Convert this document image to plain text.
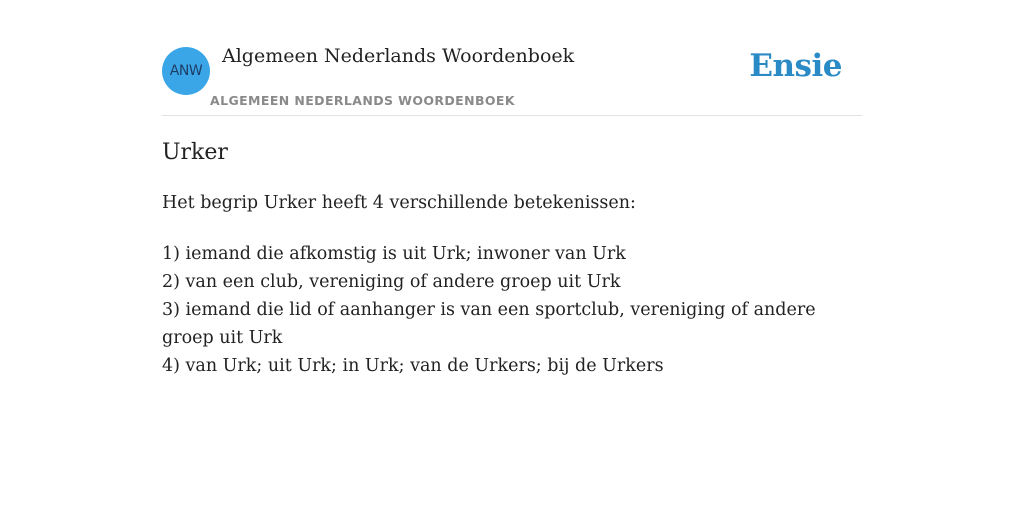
ANW
Algemeen Nederlands Woordenboek
ALGEMEEN NEDERLANDS WOORDENBOEK
Ensie
Urker

Het begrip Urker heeft 4 verschillende betekenissen:

1) iemand die afkomstig is uit Urk; inwoner van Urk
2) van een club, vereniging of andere groep uit Urk
3) iemand die lid of aanhanger is van een sportclub, vereniging of andere groep uit Urk
4) van Urk; uit Urk; in Urk; van de Urkers; bij de Urkers
